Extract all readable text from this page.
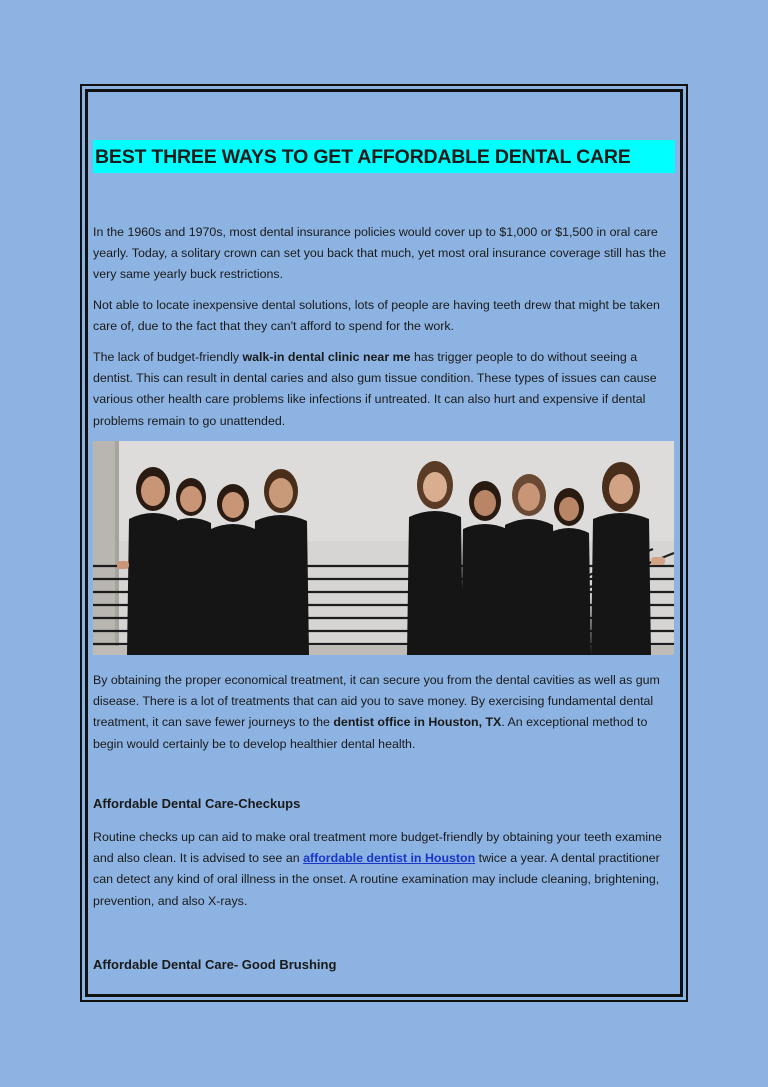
BEST THREE WAYS TO GET AFFORDABLE DENTAL CARE

In the 1960s and 1970s, most dental insurance policies would cover up to $1,000 or $1,500 in oral care yearly. Today, a solitary crown can set you back that much, yet most oral insurance coverage still has the very same yearly buck restrictions.

Not able to locate inexpensive dental solutions, lots of people are having teeth drew that might be taken care of, due to the fact that they can't afford to spend for the work.

The lack of budget-friendly walk-in dental clinic near me has trigger people to do without seeing a dentist. This can result in dental caries and also gum tissue condition. These types of issues can cause various other health care problems like infections if untreated. It can also hurt and expensive if dental problems remain to go unattended.

By obtaining the proper economical treatment, it can secure you from the dental cavities as well as gum disease. There is a lot of treatments that can aid you to save money. By exercising fundamental dental treatment, it can save fewer journeys to the dentist office in Houston, TX. An exceptional method to begin would certainly be to develop healthier dental health.

Affordable Dental Care-Checkups

Routine checks up can aid to make oral treatment more budget-friendly by obtaining your teeth examine and also clean. It is advised to see an affordable dentist in Houston twice a year. A dental practitioner can detect any kind of oral illness in the onset. A routine examination may include cleaning, brightening, prevention, and also X-rays.

Affordable Dental Care- Good Brushing
